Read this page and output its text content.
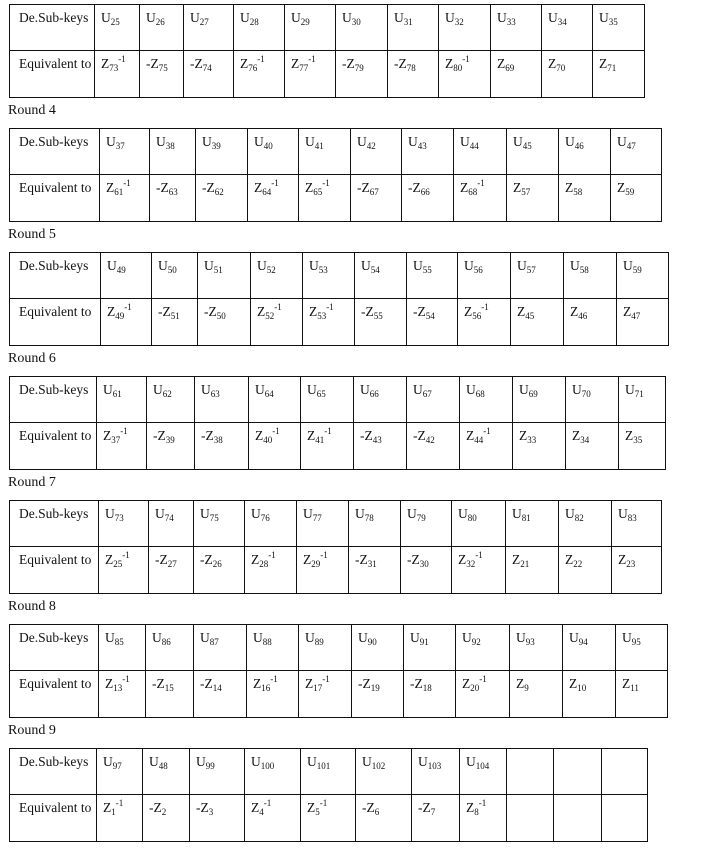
De.Sub-keys	$U_{25}$	$U_{26}$	$U_{27}$	$U_{28}$	$U_{29}$	$U_{30}$	$U_{31}$	$U_{32}$	$U_{33}$	$U_{34}$	$U_{35}$	
Equivalent to	$Z_{73}^{-1}$	$-Z_{75}$	$-Z_{74}$	$Z_{76}^{-1}$	$Z_{77}^{-1}$	$-Z_{79}$	$-Z_{78}$	$Z_{80}^{-1}$	$Z_{69}$	$Z_{70}$	$Z_{71}$	
Round 4
De.Sub-keys	$U_{37}$	$U_{38}$	$U_{39}$	$U_{40}$	$U_{41}$	$U_{42}$	$U_{43}$	$U_{44}$	$U_{45}$	$U_{46}$	$U_{47}$	
Equivalent to	$Z_{61}^{-1}$	$-Z_{63}$	$-Z_{62}$	$Z_{64}^{-1}$	$Z_{65}^{-1}$	$-Z_{67}$	$-Z_{66}$	$Z_{68}^{-1}$	$Z_{57}$	$Z_{58}$	$Z_{59}$	
Round 5
De.Sub-keys	$U_{49}$	$U_{50}$	$U_{51}$	$U_{52}$	$U_{53}$	$U_{54}$	$U_{55}$	$U_{56}$	$U_{57}$	$U_{58}$	$U_{59}$	
Equivalent to	$Z_{49}^{-1}$	$-Z_{51}$	$-Z_{50}$	$Z_{52}^{-1}$	$Z_{53}^{-1}$	$-Z_{55}$	$-Z_{54}$	$Z_{56}^{-1}$	$Z_{45}$	$Z_{46}$	$Z_{47}$	
Round 6
De.Sub-keys	$U_{61}$	$U_{62}$	$U_{63}$	$U_{64}$	$U_{65}$	$U_{66}$	$U_{67}$	$U_{68}$	$U_{69}$	$U_{70}$	$U_{71}$	
Equivalent to	$Z_{37}^{-1}$	$-Z_{39}$	$-Z_{38}$	$Z_{40}^{-1}$	$Z_{41}^{-1}$	$-Z_{43}$	$-Z_{42}$	$Z_{44}^{-1}$	$Z_{33}$	$Z_{34}$	$Z_{35}$	
Round 7
De.Sub-keys	$U_{73}$	$U_{74}$	$U_{75}$	$U_{76}$	$U_{77}$	$U_{78}$	$U_{79}$	$U_{80}$	$U_{81}$	$U_{82}$	$U_{83}$	
Equivalent to	$Z_{25}^{-1}$	$-Z_{27}$	$-Z_{26}$	$Z_{28}^{-1}$	$Z_{29}^{-1}$	$-Z_{31}$	$-Z_{30}$	$Z_{32}^{-1}$	$Z_{21}$	$Z_{22}$	$Z_{23}$	
Round 8
De.Sub-keys	$U_{85}$	$U_{86}$	$U_{87}$	$U_{88}$	$U_{89}$	$U_{90}$	$U_{91}$	$U_{92}$	$U_{93}$	$U_{94}$	$U_{95}$	
Equivalent to	$Z_{13}^{-1}$	$-Z_{15}$	$-Z_{14}$	$Z_{16}^{-1}$	$Z_{17}^{-1}$	$-Z_{19}$	$-Z_{18}$	$Z_{20}^{-1}$	$Z_9$	$Z_{10}$	$Z_{11}$	
Round 9
De.Sub-keys	$U_{97}$	$U_{48}$	$U_{99}$	$U_{100}$	$U_{101}$	$U_{102}$	$U_{103}$	$U_{104}$				
Equivalent to	$Z_1^{-1}$	$-Z_2$	$-Z_3$	$Z_4^{-1}$	$Z_5^{-1}$	$-Z_6$	$-Z_7$	$Z_8^{-1}$				
